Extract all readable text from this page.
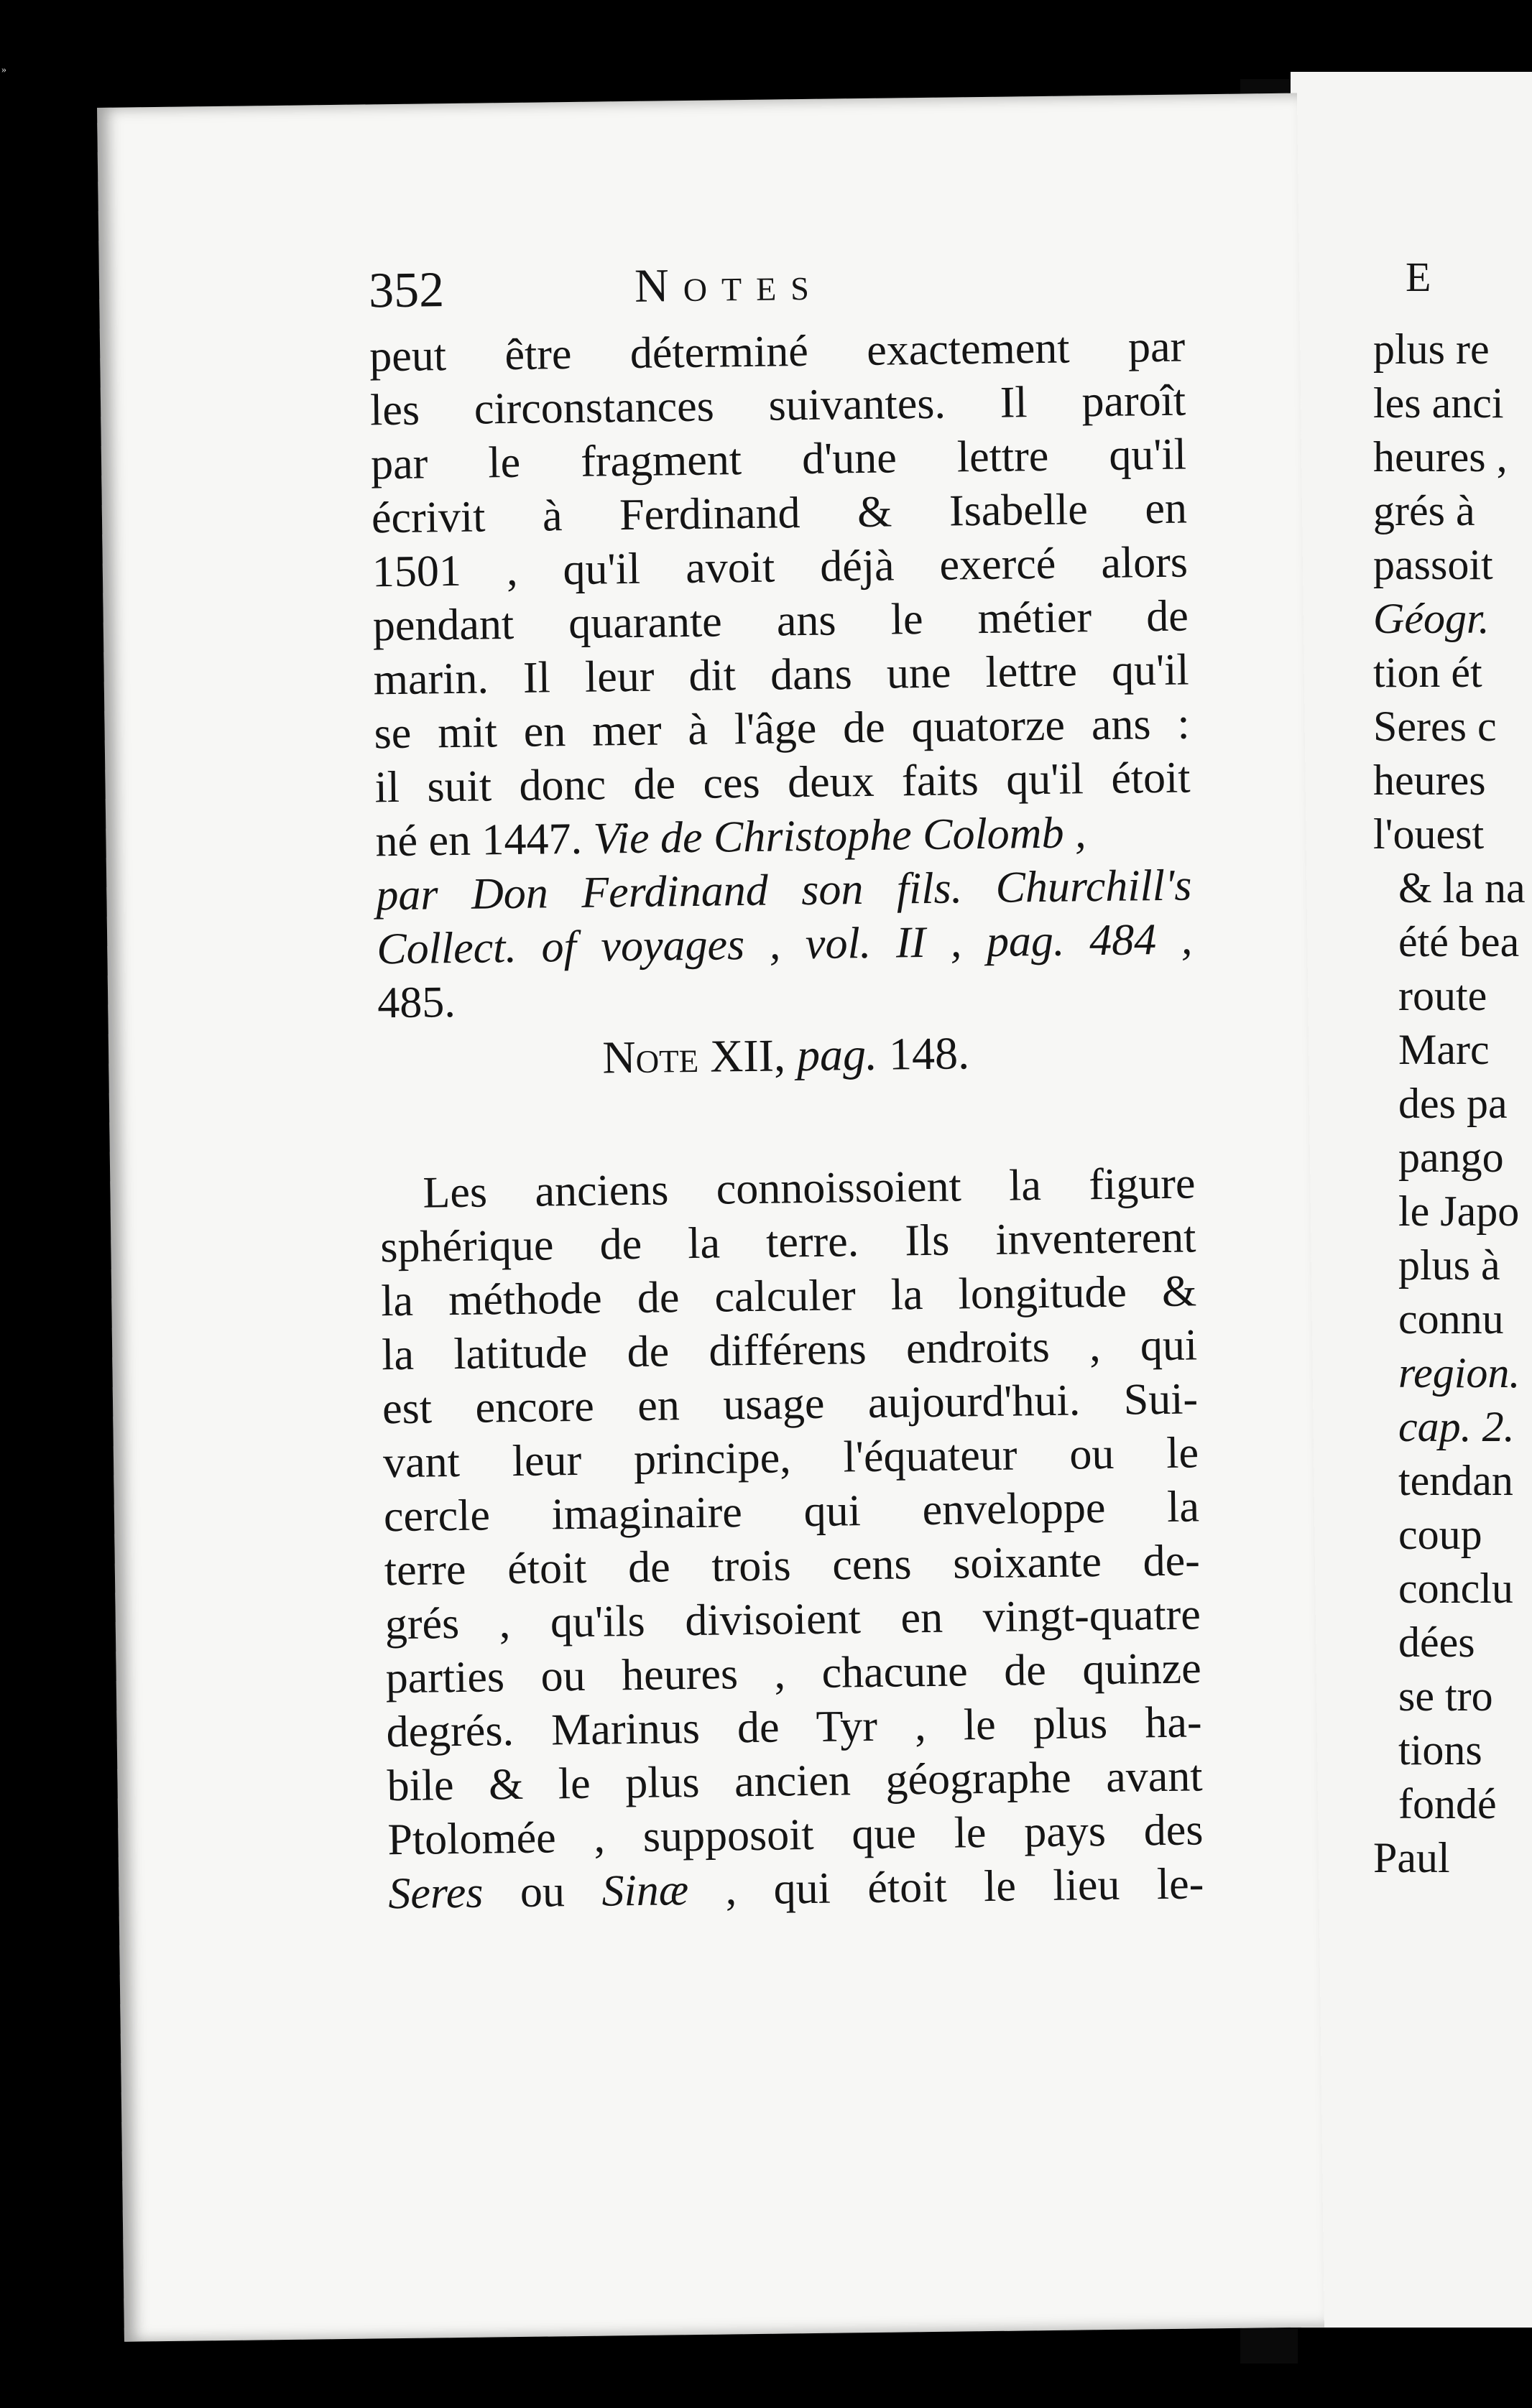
E
plus re
les anci
heures ,
grés à
passoit
Géogr.
tion ét
Seres c
heures
l'ouest
& la na
été bea
route
Marc
des pa
pango
le Japo
plus à
connu
region.
cap. 2.
tendan
coup
conclu
dées
se tro
tions
fondé
Paul
352	Notes
peut être déterminé exactement par
les circonstances suivantes. Il paroît
par le fragment d'une lettre qu'il
écrivit à Ferdinand & Isabelle en
1501 , qu'il avoit déjà exercé alors
pendant quarante ans le métier de
marin. Il leur dit dans une lettre qu'il
se mit en mer à l'âge de quatorze ans :
il suit donc de ces deux faits qu'il étoit
né en 1447. Vie de Christophe Colomb ,
par Don Ferdinand son fils. Churchill's
Collect. of voyages , vol. II , pag. 484 ,
485.
Note XII, pag. 148.
Les anciens connoissoient la figure
sphérique de la terre. Ils inventerent
la méthode de calculer la longitude &
la latitude de différens endroits , qui
est encore en usage aujourd'hui. Sui-
vant leur principe, l'équateur ou le
cercle imaginaire qui enveloppe la
terre étoit de trois cens soixante de-
grés , qu'ils divisoient en vingt-quatre
parties ou heures , chacune de quinze
degrés. Marinus de Tyr , le plus ha-
bile & le plus ancien géographe avant
Ptolomée , supposoit que le pays des
Seres ou Sinæ , qui étoit le lieu le-
»
